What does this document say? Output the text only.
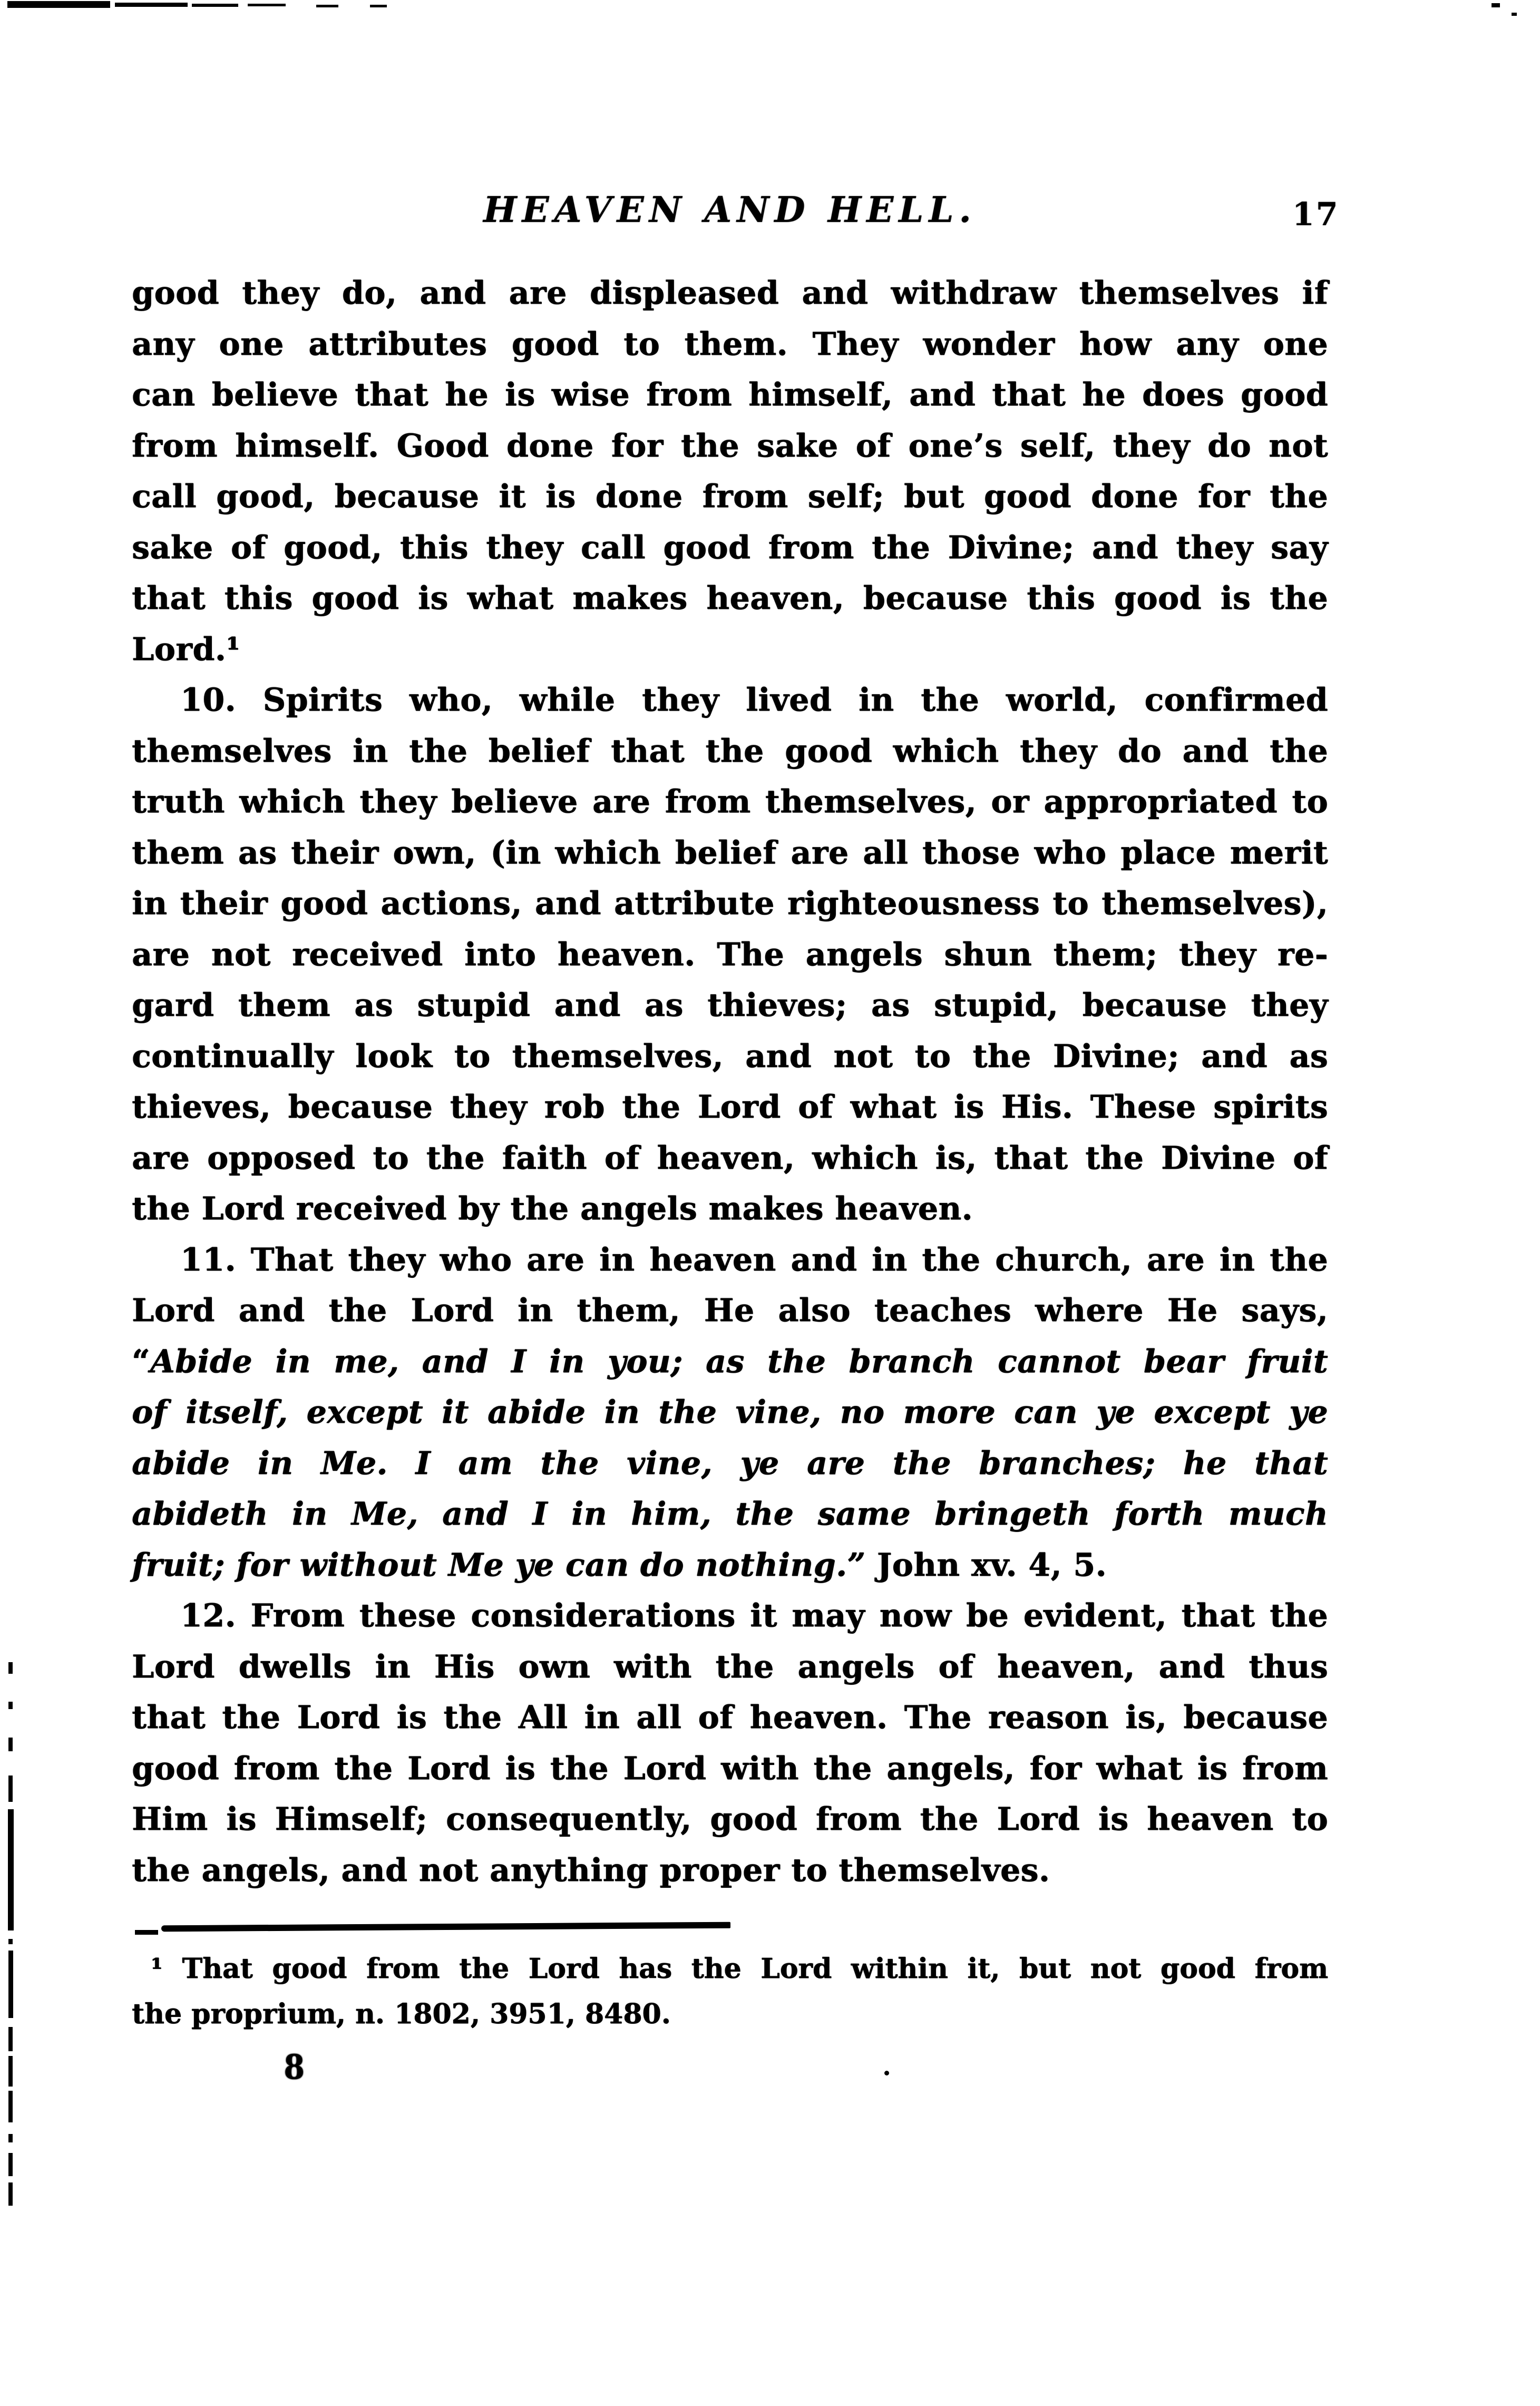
HEAVEN AND HELL.	17
good they do, and are displeased and withdraw themselves if
any one attributes good to them. They wonder how any one
can believe that he is wise from himself, and that he does good
from himself. Good done for the sake of one’s self, they do not
call good, because it is done from self; but good done for the
sake of good, this they call good from the Divine; and they say
that this good is what makes heaven, because this good is the
Lord.¹
10. Spirits who, while they lived in the world, confirmed
themselves in the belief that the good which they do and the
truth which they believe are from themselves, or appropriated to
them as their own, (in which belief are all those who place merit
in their good actions, and attribute righteousness to themselves),
are not received into heaven. The angels shun them; they re-
gard them as stupid and as thieves; as stupid, because they
continually look to themselves, and not to the Divine; and as
thieves, because they rob the Lord of what is His. These spirits
are opposed to the faith of heaven, which is, that the Divine of
the Lord received by the angels makes heaven.
11. That they who are in heaven and in the church, are in the
Lord and the Lord in them, He also teaches where He says,
“Abide in me, and I in you; as the branch cannot bear fruit
of itself, except it abide in the vine, no more can ye except ye
abide in Me. I am the vine, ye are the branches; he that
abideth in Me, and I in him, the same bringeth forth much
fruit; for without Me ye can do nothing.” John xv. 4, 5.
12. From these considerations it may now be evident, that the
Lord dwells in His own with the angels of heaven, and thus
that the Lord is the All in all of heaven. The reason is, because
good from the Lord is the Lord with the angels, for what is from
Him is Himself; consequently, good from the Lord is heaven to
the angels, and not anything proper to themselves.
¹ That good from the Lord has the Lord within it, but not good from
the proprium, n. 1802, 3951, 8480.
8
